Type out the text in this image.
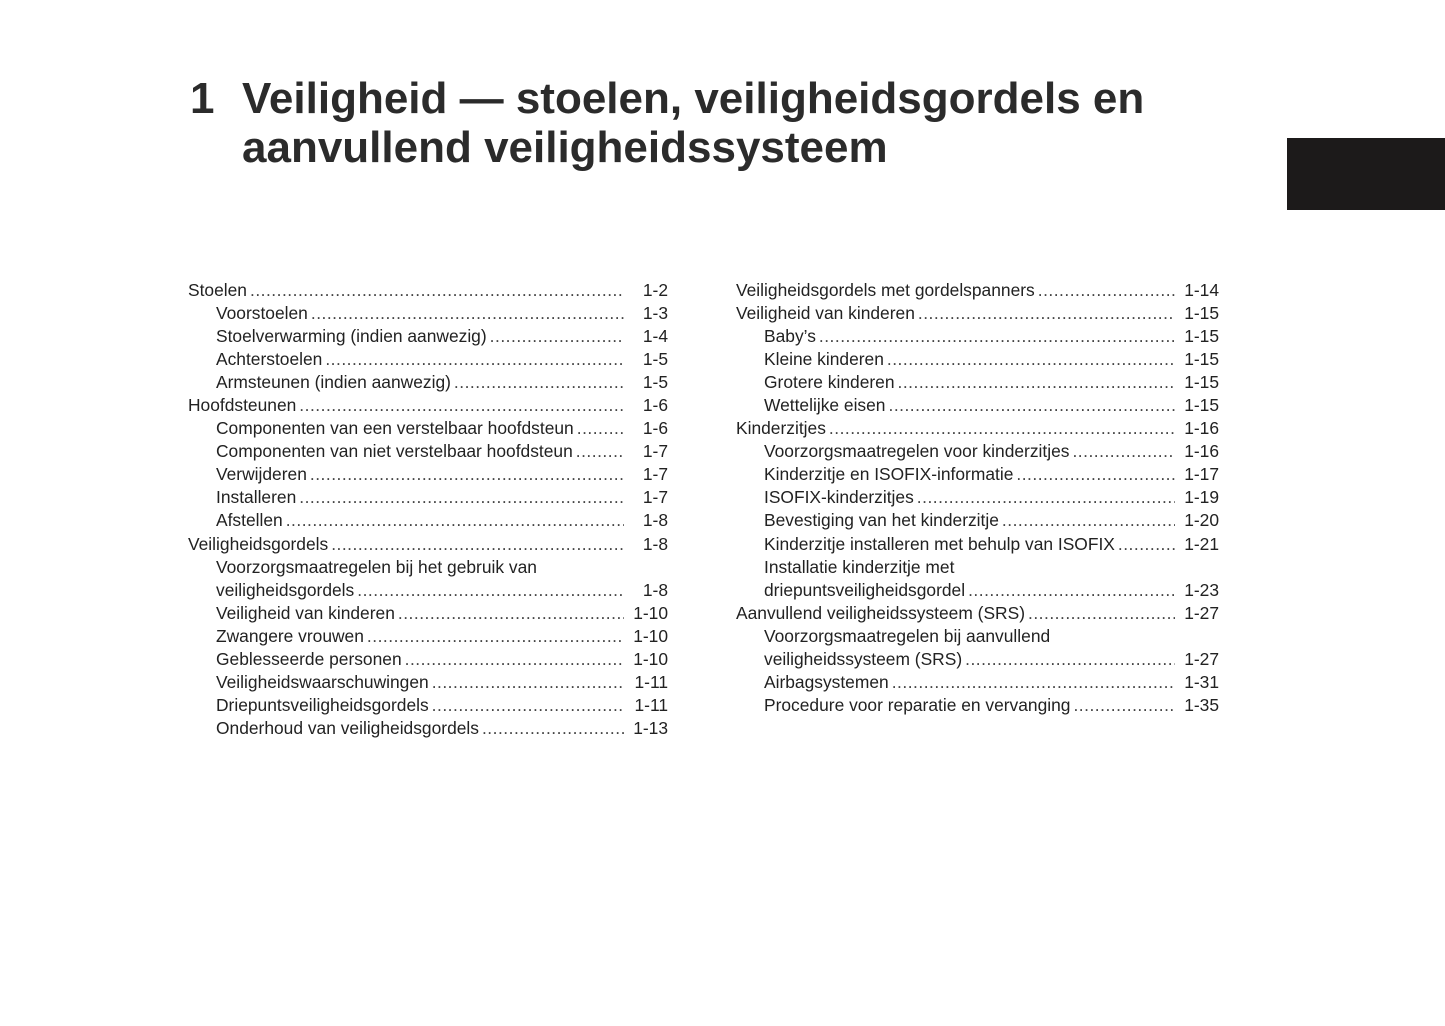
1 Veiligheid — stoelen, veiligheidsgordels en
aanvullend veiligheidssysteem
Stoelen .....	1-2
Voorstoelen .....	1-3
Stoelverwarming (indien aanwezig) .....	1-4
Achterstoelen .....	1-5
Armsteunen (indien aanwezig) .....	1-5
Hoofdsteunen .....	1-6
Componenten van een verstelbaar hoofdsteun .....	1-6
Componenten van niet verstelbaar hoofdsteun .....	1-7
Verwijderen .....	1-7
Installeren .....	1-7
Afstellen .....	1-8
Veiligheidsgordels .....	1-8
Voorzorgsmaatregelen bij het gebruik van
veiligheidsgordels .....	1-8
Veiligheid van kinderen .....	1-10
Zwangere vrouwen .....	1-10
Geblesseerde personen .....	1-10
Veiligheidswaarschuwingen .....	1-11
Driepuntsveiligheidsgordels .....	1-11
Onderhoud van veiligheidsgordels .....	1-13
Veiligheidsgordels met gordelspanners .....	1-14
Veiligheid van kinderen .....	1-15
Baby’s .....	1-15
Kleine kinderen .....	1-15
Grotere kinderen .....	1-15
Wettelijke eisen .....	1-15
Kinderzitjes .....	1-16
Voorzorgsmaatregelen voor kinderzitjes .....	1-16
Kinderzitje en ISOFIX-informatie .....	1-17
ISOFIX-kinderzitjes .....	1-19
Bevestiging van het kinderzitje .....	1-20
Kinderzitje installeren met behulp van ISOFIX .....	1-21
Installatie kinderzitje met
driepuntsveiligheidsgordel .....	1-23
Aanvullend veiligheidssysteem (SRS) .....	1-27
Voorzorgsmaatregelen bij aanvullend
veiligheidssysteem (SRS) .....	1-27
Airbagsystemen .....	1-31
Procedure voor reparatie en vervanging .....	1-35
